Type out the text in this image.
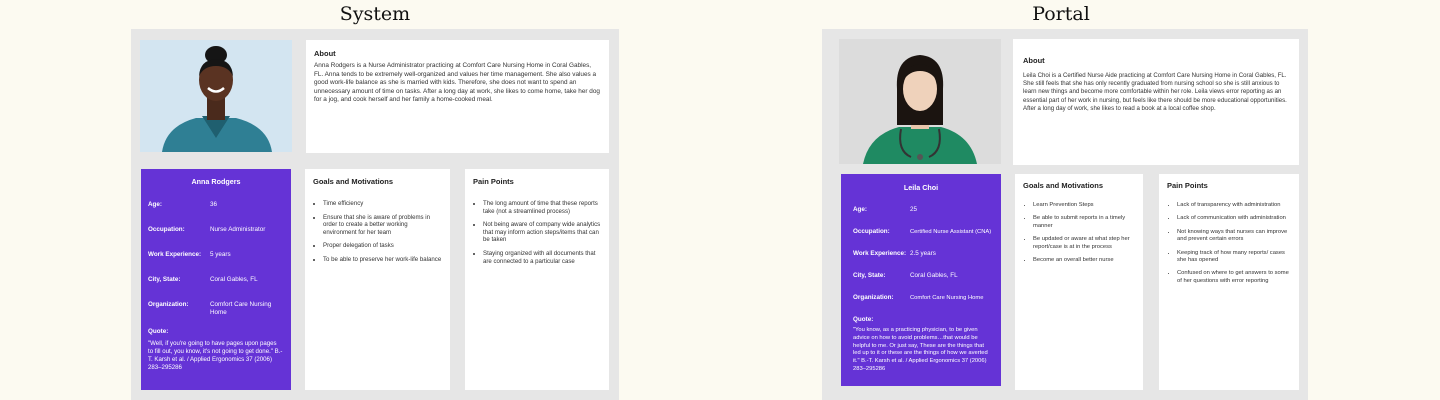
System
About

Anna Rodgers is a Nurse Administrator practicing at Comfort Care Nursing Home in Coral Gables, FL. Anna tends to be extremely well-organized and values her time management. She also values a good work-life balance as she is married with kids. Therefore, she does not want to spend an unnecessary amount of time on tasks. After a long day at work, she likes to come home, take her dog for a jog, and cook herself and her family a home-cooked meal.

Anna Rodgers
Age:	36
Occupation:	Nurse Administrator
Work Experience:	5 years
City, State:	Coral Gables, FL
Organization:	Comfort Care Nursing Home
Quote:

"Well, if you're going to have pages upon pages to fill out, you know, it's not going to get done." B.-T. Karsh et al. / Applied Ergonomics 37 (2006) 283–295286

Goals and Motivations
• Time efficiency
• Ensure that she is aware of problems in order to create a better working environment for her team
• Proper delegation of tasks
• To be able to preserve her work-life balance
Pain Points
• The long amount of time that these reports take (not a streamlined process)
• Not being aware of company wide analytics that may inform action steps/items that can be taken
• Staying organized with all documents that are connected to a particular case
Portal
About

Leila Choi is a Certified Nurse Aide practicing at Comfort Care Nursing Home in Coral Gables, FL. She still feels that she has only recently graduated from nursing school so she is still anxious to learn new things and become more comfortable within her role. Leila views error reporting as an essential part of her work in nursing, but feels like there should be more educational opportunities. After a long day of work, she likes to read a book at a local coffee shop.

Leila Choi
Age:	25
Occupation:	Certified Nurse Assistant (CNA)
Work Experience: 2.5 years
City, State:	Coral Gables, FL
Organization:	Comfort Care Nursing Home
Quote:

"You know, as a practicing physician, to be given advice on how to avoid problems…that would be helpful to me. Or just say, These are the things that led up to it or these are the things of how we averted it." B.-T. Karsh et al. / Applied Ergonomics 37 (2006) 283–295286

Goals and Motivations
• Learn Prevention Steps
• Be able to submit reports in a timely manner
• Be updated or aware at what step her report/case is at in the process
• Become an overall better nurse
Pain Points
• Lack of transparency with administration
• Lack of communication with administration
• Not knowing ways that nurses can improve and prevent certain errors
• Keeping track of how many reports/ cases she has opened
• Confused on where to get answers to some of her questions with error reporting
